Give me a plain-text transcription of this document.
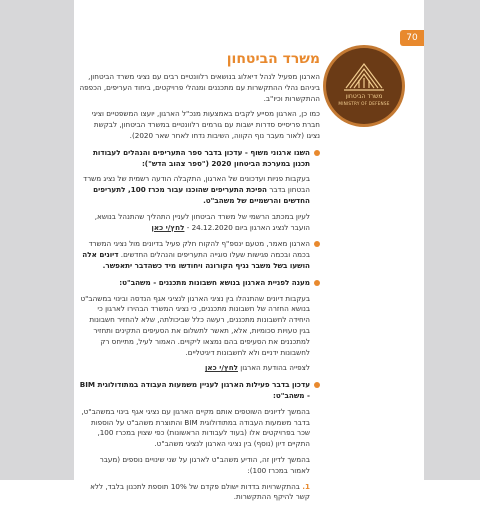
70
משרד הביטחון
MINISTRY OF DEFENSE
משרד הביטחון

הארגון מפעיל לנהל דיאלוג בנושאים רלוונטיים רבים עם נציגי משרד הביטחון, ביניהם נהלי ההתקשרות עם מתכננים ומנהלי פרויקטים, ביחוד העריפים, הכפפה ההתקשרות וכיו"ב.

כמו כן, הארגון מסייע לקבים באמצעות מנכ"ל הארגון, יועצו המשפטיים וציגי חברת פריסייס סדרות ישבות עם גורמים רלוונטיים במשרד הביטחון, לבקשת נציגו (לאור מעבר נוף הקווה, השיבות נדחו לאחר שאר 2020).

השגו ארגוני משוף - עדכון בדבר ספר התעריפים והנהלים לעבודות תכנון במערכת הביטחון 2020 ("ספר צהוב הדש"):

בעקבות פניות ועדכונים של הארגון, התקבלה הודעה רשמית של נציג משרד הבטחון בדבר הפיכת התעריפים שהוכנו עבור מכרז 100, לתעריפים החדשים והרשמיים של משהב"ט.

לעיון במכתב הרשמי של משרד הביטחון לעניין התהליך שהתנהל בנושא, הועבר לנציג הארגון ביום 24.12.2020 - לחץ/י כאן

הארגון מאמר, מטעם ינספ"ף להקוח חלק פעיל בדיונים מול נציגי המשרד בכמה ובכמה פגישות שעלו סוגייה התעריפים והנהלים החדשים. דיונים אלה הושעו בשל משבר נגיף הקורונה ויחודשו מיד כשהדבר יתאפשר.

מענה לפניית הארגון בנושא חשבונות מתכננים - משהב"ט:

בעקבות דיונים שהתנהלו בין נציגי הארגון לנציגי אגף הנדסה ובינוי במשהב"ט בנושא החזרה של חשבונות מתכננים, כי נציגי המשרד הבהירו לארגון כי היחידה לחשבונות מתכננים, רעשה כלל שביכולתה, שלא להחזיר חשבונות בגין טעויות סכומיות, אלא, תאשר לתשלום את הסעיפים התקינים ותחזיר למתכננים את הסעיפים בהם נמצאו ליקויים. האמור לעיל, מתייחס רק לחשבונות ידניים ולא לחשבונות דיגיטליים.

לצפייה בהודעת הארגון לחץ/י כאן

עדכון בדבר פעילות הארגון לעניין משמעות העבודה במתודולוגית BIM - משהב"ט:

בהמשך לדיונים השוטפים אותם מקיים הארגון עם נציגי אגף בינוי במשהב"ט, בדבר משמעות העבודה במתודולוגית BIM והתוצרת משהב"ט על הוספות שכר בפרויקטים אלו (בעוד לעבודות הראשונות) כפי שצוין במכרז 100, התקיים דיון (נוסף) בין נציגי הארגון לנציגי משהב"ט.

בהמשך לדיון זה, הודיע משהב"ט לארגון על שני שינויים נוספים (מעבר לאמור במכרז 100):

1. בהתקשרויות בדדות ישולם פקדם של 10% תוספת לתכנון בלבד, ללא קשר להיקף ההתקשרות.
